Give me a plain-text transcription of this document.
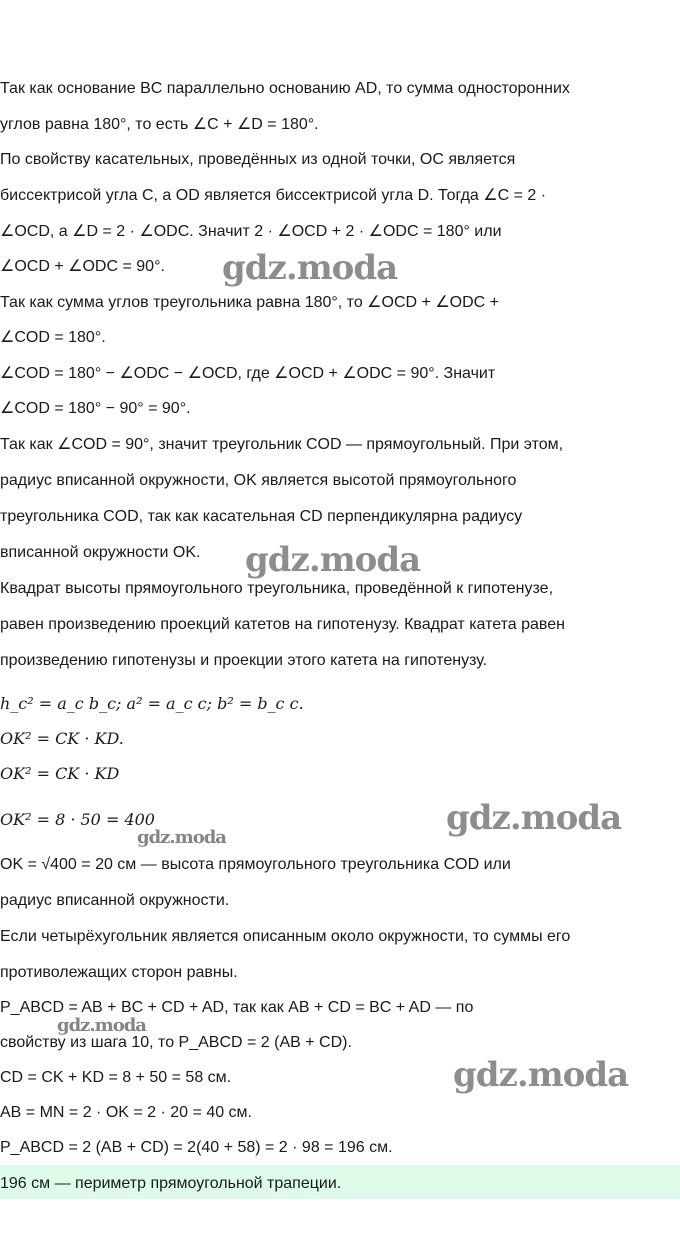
Так как основание BC параллельно основанию AD, то сумма односторонних
углов равна 180°, то есть ∠C + ∠D = 180°.
По свойству касательных, проведённых из одной точки, OC является
биссектрисой угла C, а OD является биссектрисой угла D. Тогда ∠C = 2 ·
∠OCD, а ∠D = 2 · ∠ODC. Значит 2 · ∠OCD + 2 · ∠ODC = 180° или
∠OCD + ∠ODC = 90°.
Так как сумма углов треугольника равна 180°, то ∠OCD + ∠ODC +
∠COD = 180°.
∠COD = 180° − ∠ODC − ∠OCD, где ∠OCD + ∠ODC = 90°. Значит
∠COD = 180° − 90° = 90°.
Так как ∠COD = 90°, значит треугольник COD — прямоугольный. При этом,
радиус вписанной окружности, OK является высотой прямоугольного
треугольника COD, так как касательная CD перпендикулярна радиусу
вписанной окружности OK.
Квадрат высоты прямоугольного треугольника, проведённой к гипотенузе,
равен произведению проекций катетов на гипотенузу. Квадрат катета равен
произведению гипотенузы и проекции этого катета на гипотенузу.
h_c² = a_c b_c; a² = a_c c; b² = b_c c.
OK² = CK · KD.
OK² = CK · KD
OK² = 8 · 50 = 400
OK = √400 = 20 см — высота прямоугольного треугольника COD или
радиус вписанной окружности.
Если четырёхугольник является описанным около окружности, то суммы его
противолежащих сторон равны.
P_ABCD = AB + BC + CD + AD, так как AB + CD = BC + AD — по
свойству из шага 10, то P_ABCD = 2 (AB + CD).
CD = CK + KD = 8 + 50 = 58 см.
AB = MN = 2 · OK = 2 · 20 = 40 см.
P_ABCD = 2 (AB + CD) = 2(40 + 58) = 2 · 98 = 196 см.
196 см — периметр прямоугольной трапеции.
gdz.moda
gdz.moda
gdz.moda
gdz.moda
gdz.moda
gdz.moda
